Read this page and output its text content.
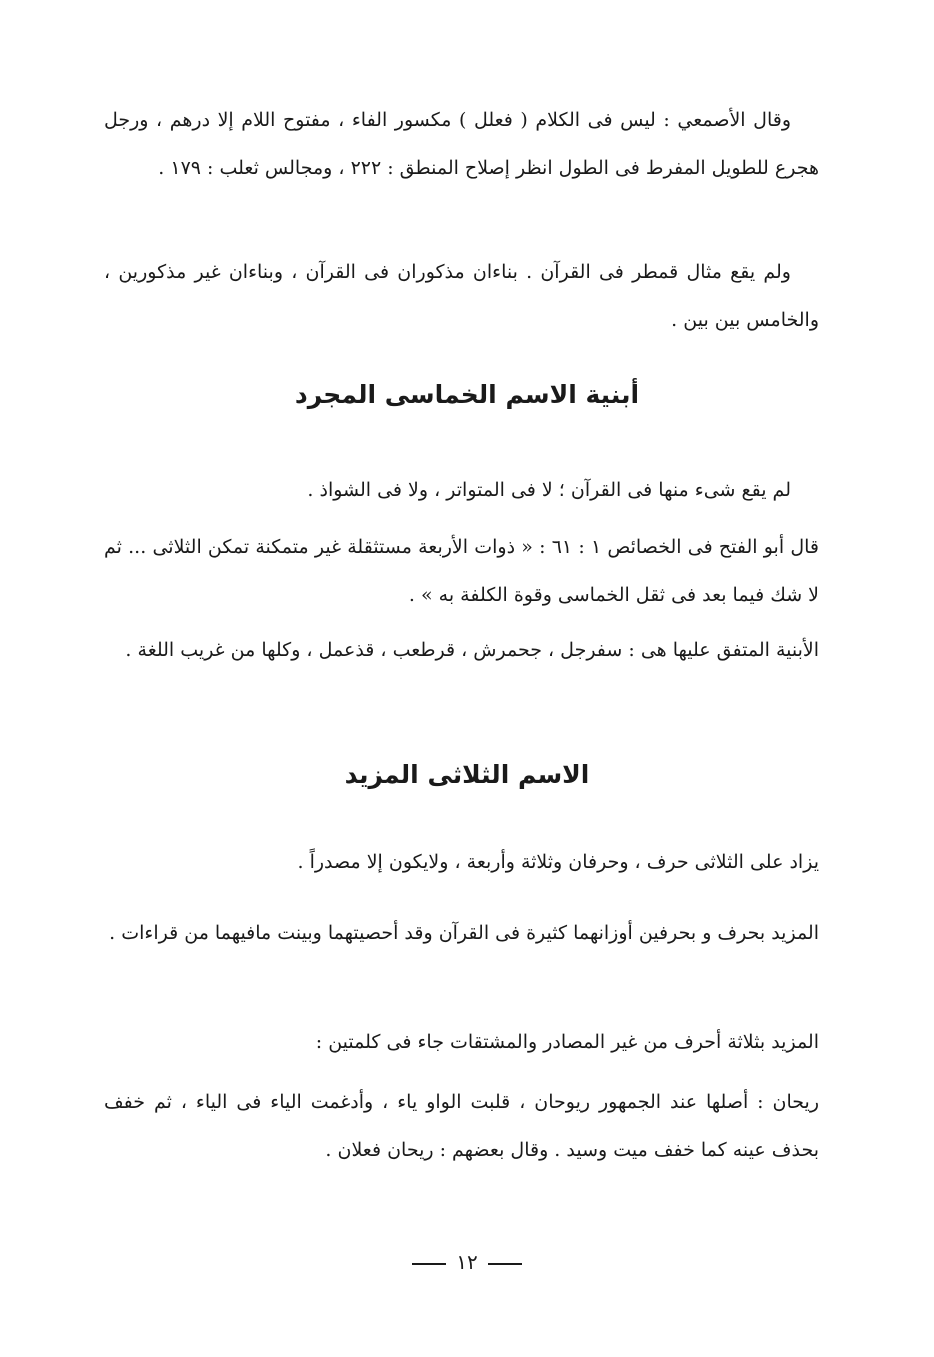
وقال الأصمعي : ليس فى الكلام ( فعلل ) مكسور الفاء ، مفتوح اللام إلا درهم ، ورجل هجرع للطويل المفرط فى الطول انظر إصلاح المنطق : ٢٢٢ ، ومجالس ثعلب : ١٧٩ .

ولم يقع مثال قمطر فى القرآن . بناءان مذكوران فى القرآن ، وبناءان غير مذكورين ، والخامس بين بين .

أبنية الاسم الخماسى المجرد

لم يقع شىء منها فى القرآن ؛ لا فى المتواتر ، ولا فى الشواذ .

قال أبو الفتح فى الخصائص ١ : ٦١ : « ذوات الأربعة مستثقلة غير متمكنة تمكن الثلاثى ... ثم لا شك فيما بعد فى ثقل الخماسى وقوة الكلفة به » .

الأبنية المتفق عليها هى : سفرجل ، جحمرش ، قرطعب ، قذعمل ، وكلها من غريب اللغة .

الاسم الثلاثى المزيد

يزاد على الثلاثى حرف ، وحرفان وثلاثة وأربعة ، ولايكون إلا مصدراً .

المزيد بحرف و بحرفين أوزانهما كثيرة فى القرآن وقد أحصيتهما وبينت مافيهما من قراءات .

المزيد بثلاثة أحرف من غير المصادر والمشتقات جاء فى كلمتين :

ريحان : أصلها عند الجمهور ريوحان ، قلبت الواو ياء ، وأدغمت الياء فى الياء ، ثم خفف بحذف عينه كما خفف ميت وسيد . وقال بعضهم : ريحان فعلان .

١٢
